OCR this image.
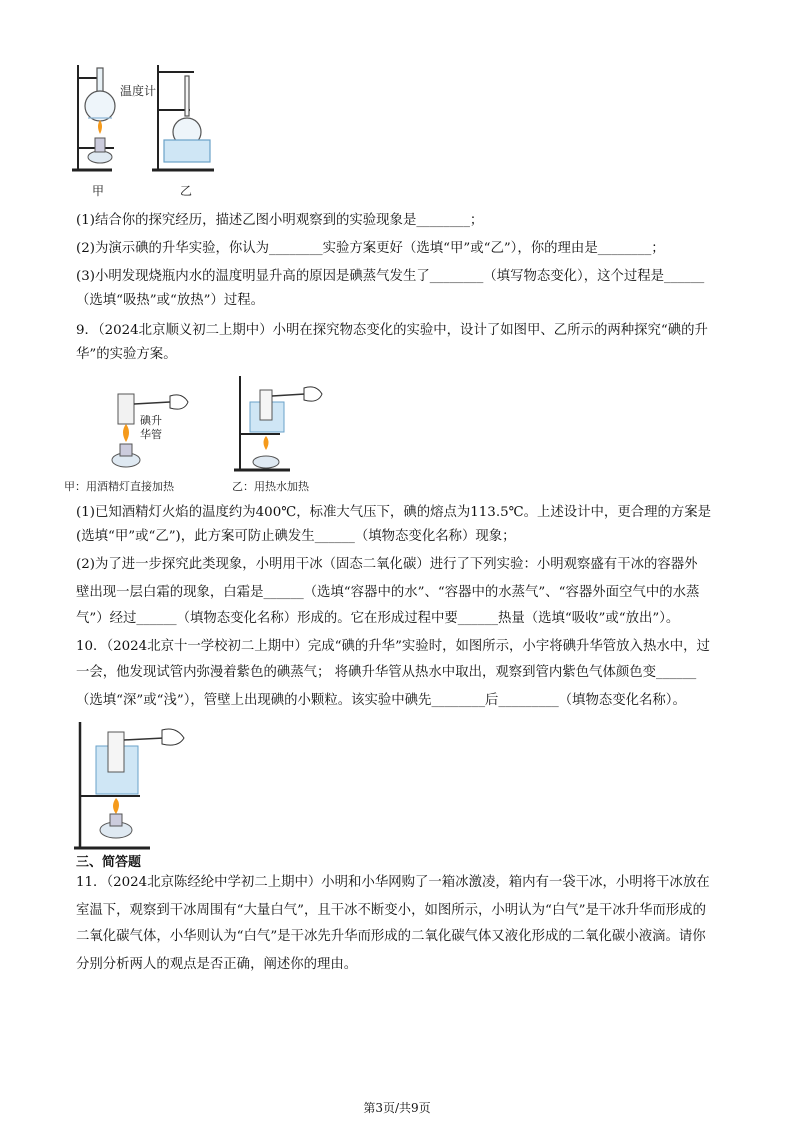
温度计
甲	乙
(1)结合你的探究经历，描述乙图小明观察到的实验现象是________；
(2)为演示碘的升华实验，你认为________实验方案更好（选填“甲”或“乙”），你的理由是________；
(3)小明发现烧瓶内水的温度明显升高的原因是碘蒸气发生了________（填写物态变化），这个过程是______
（选填“吸热”或“放热”）过程。
9．（2024北京顺义初二上期中）小明在探究物态变化的实验中，设计了如图甲、乙所示的两种探究“碘的升
华”的实验方案。
碘升
华管
甲：用酒精灯直接加热	乙：用热水加热
(1)已知酒精灯火焰的温度约为400℃，标准大气压下，碘的熔点为113.5℃。上述设计中，更合理的方案是
(选填“甲”或“乙”)，此方案可防止碘发生______（填物态变化名称）现象；
(2)为了进一步探究此类现象，小明用干冰（固态二氧化碳）进行了下列实验：小明观察盛有干冰的容器外
壁出现一层白霜的现象，白霜是______（选填“容器中的水”、“容器中的水蒸气”、“容器外面空气中的水蒸
气”）经过______（填物态变化名称）形成的。它在形成过程中要______热量（选填“吸收”或“放出”）。
10．（2024北京十一学校初二上期中）完成“碘的升华”实验时，如图所示，小宇将碘升华管放入热水中，过
一会，他发现试管内弥漫着紫色的碘蒸气； 将碘升华管从热水中取出，观察到管内紫色气体颜色变______
（选填“深”或“浅”），管壁上出现碘的小颗粒。该实验中碘先________后_________（填物态变化名称）。
三、简答题
11．（2024北京陈经纶中学初二上期中）小明和小华网购了一箱冰激凌，箱内有一袋干冰，小明将干冰放在
室温下，观察到干冰周围有“大量白气”，且干冰不断变小，如图所示，小明认为“白气”是干冰升华而形成的
二氧化碳气体，小华则认为“白气”是干冰先升华而形成的二氧化碳气体又液化形成的二氧化碳小液滴。请你
分别分析两人的观点是否正确，阐述你的理由。
第3页/共9页
